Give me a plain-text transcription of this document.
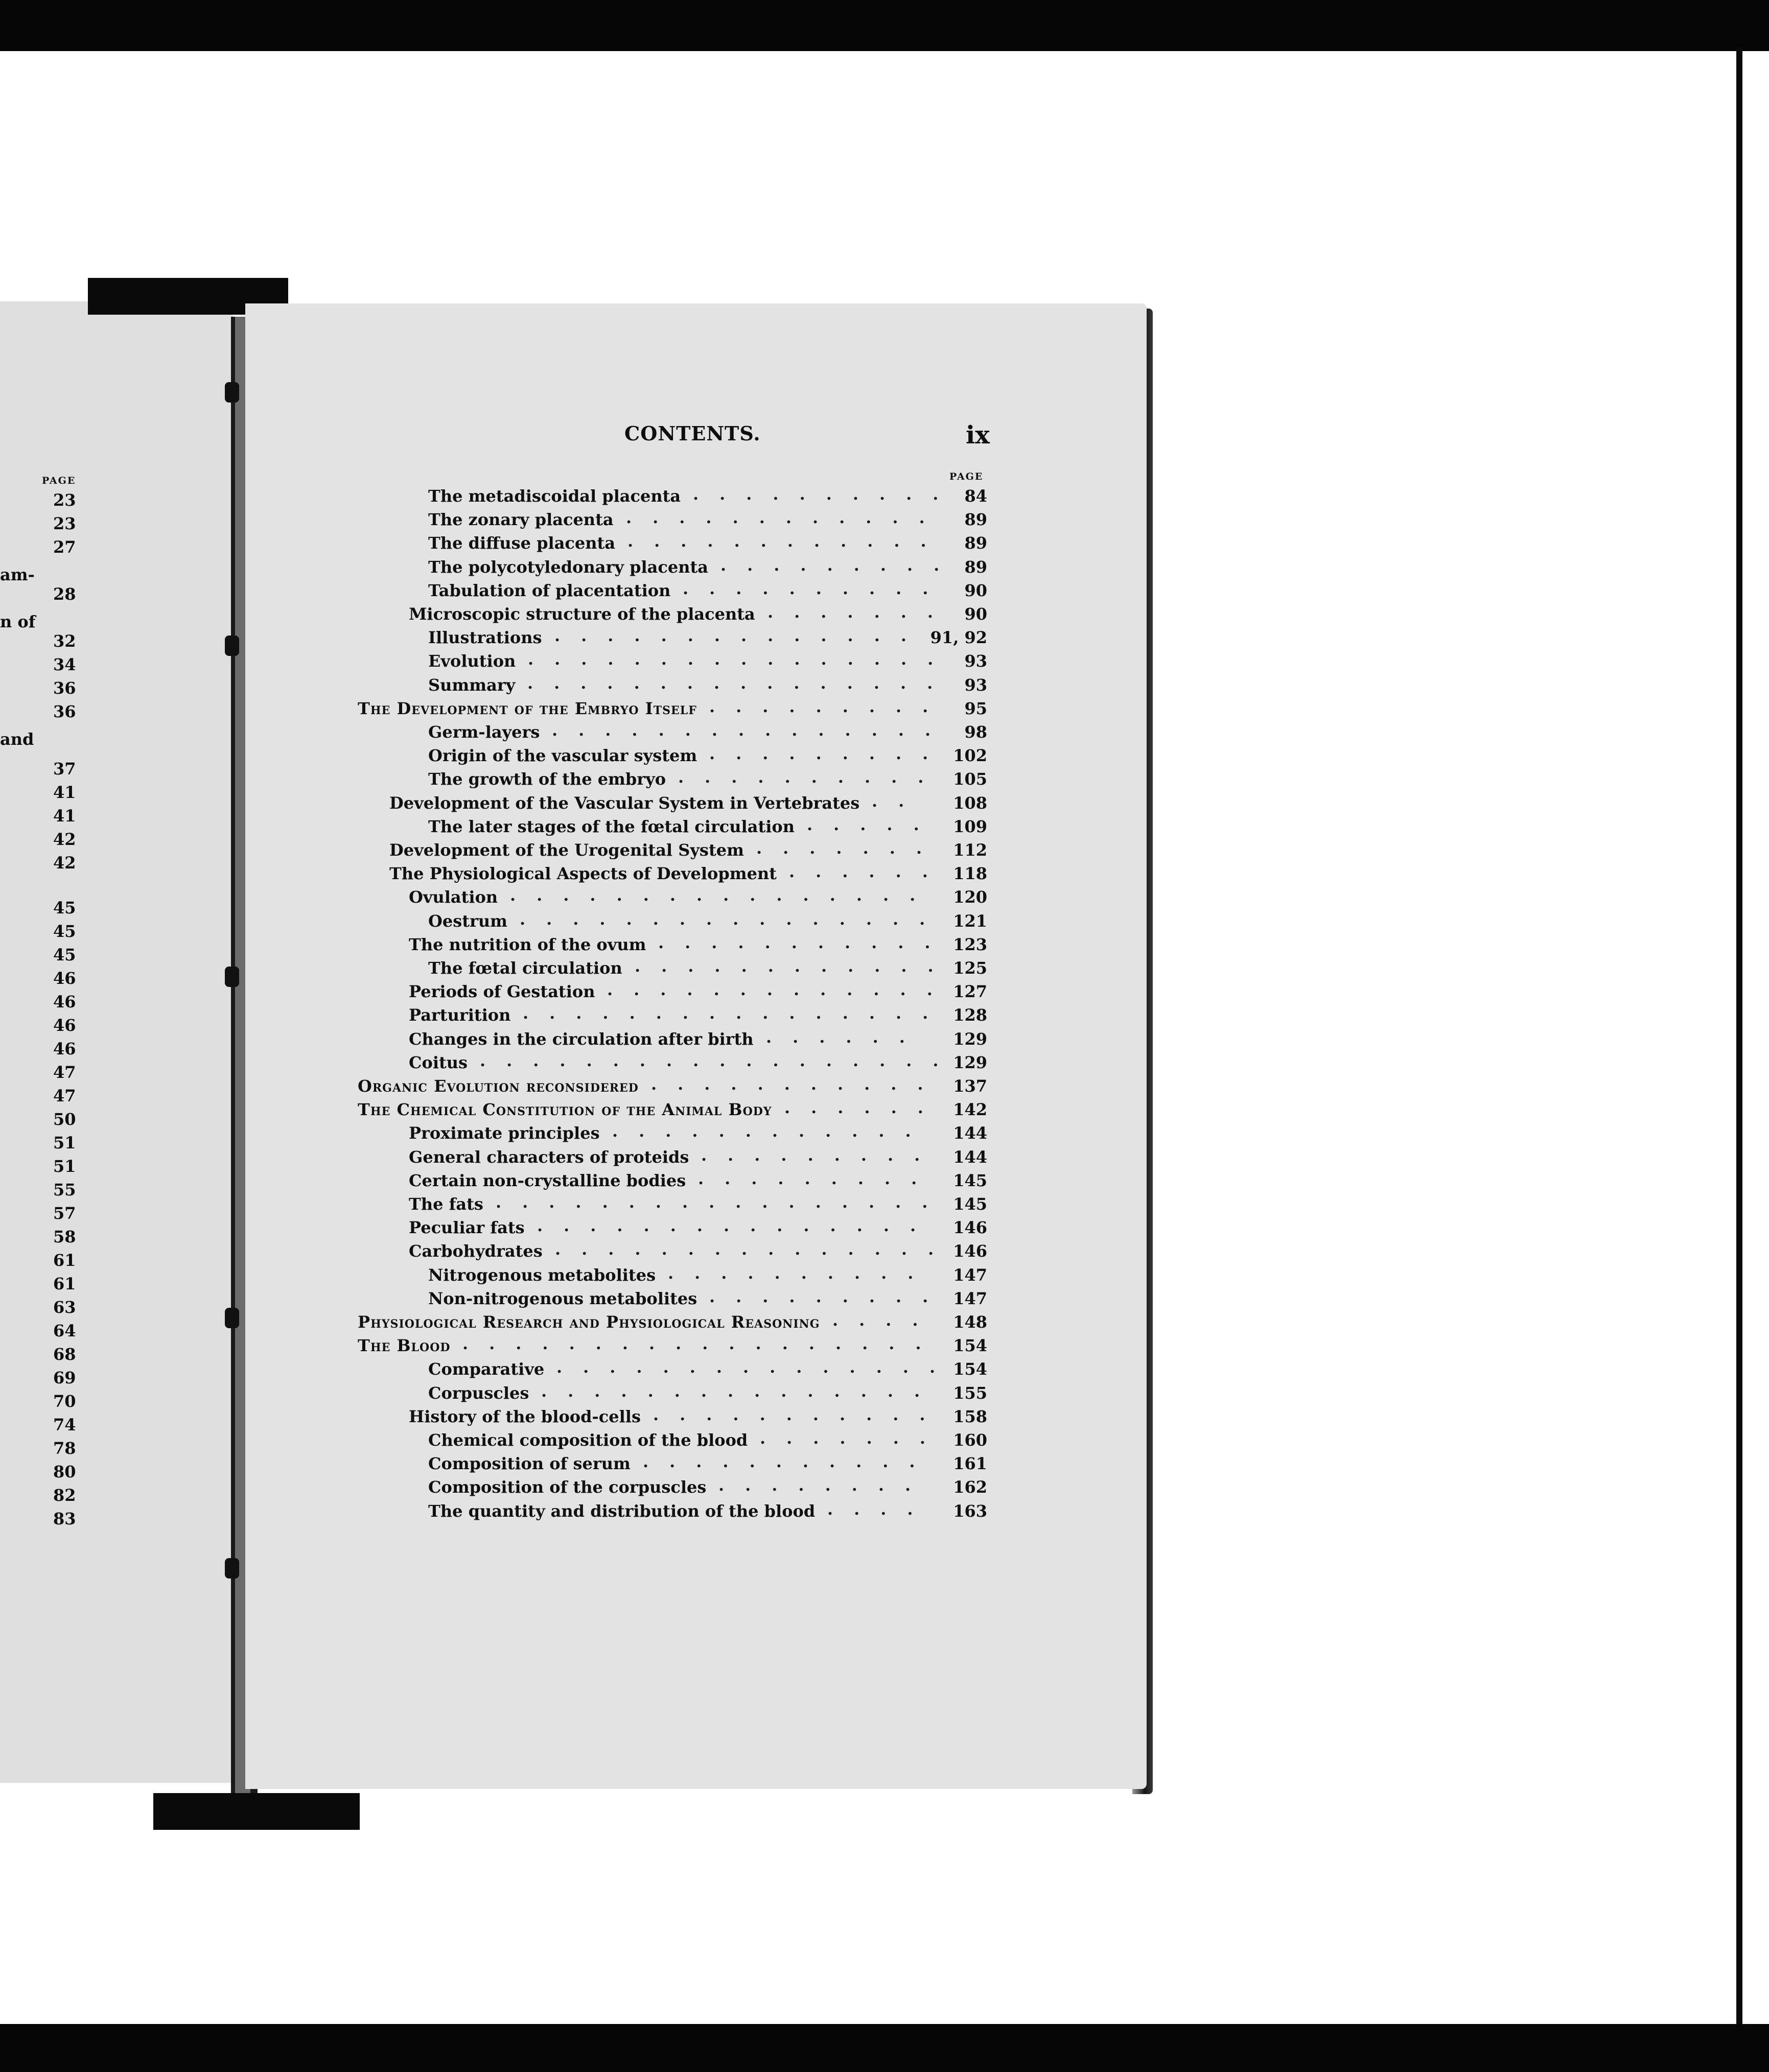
PAGE
am-
n of
and
23
23
27
28
32
34
36
36
37
41
41
42
42
45
45
45
46
46
46
46
47
47
50
51
51
55
57
58
61
61
63
64
68
69
70
74
78
80
82
83
CONTENTS.	ix
PAGE
The metadiscoidal placenta .......... 84
The zonary placenta ............ 89
The diffuse placenta ............ 89
The polycotyledonary placenta ......... 89
Tabulation of placentation .......... 90
Microscopic structure of the placenta ....... 90
Illustrations .............. 91, 92
Evolution ................ 93
Summary ................ 93
The Development of the Embryo Itself ......... 95
Germ-layers ............... 98
Origin of the vascular system ......... 102
The growth of the embryo .......... 105
Development of the Vascular System in Vertebrates .. 108
The later stages of the fœtal circulation ..... 109
Development of the Urogenital System ....... 112
The Physiological Aspects of Development ...... 118
Ovulation ................ 120
Oestrum ................ 121
The nutrition of the ovum ........... 123
The fœtal circulation ............
125
Periods of Gestation ............. 127
Parturition ................ 128
Changes in the circulation after birth ...... 129
Coitus ..................
129
Organic Evolution reconsidered ........... 137
The Chemical Constitution of the Animal Body ...... 142
Proximate principles ............ 144
General characters of proteids ......... 144
Certain non-crystalline bodies ......... 145
The fats ................. 145
Peculiar fats ............... 146
Carbohydrates ...............
146
Nitrogenous metabolites .......... 147
Non-nitrogenous metabolites ......... 147
Physiological Research and Physiological Reasoning .... 148
The Blood .................. 154
Comparative ...............
154
Corpuscles ............... 155
History of the blood-cells ........... 158
Chemical composition of the blood ....... 160
Composition of serum ........... 161
Composition of the corpuscles ........ 162
The quantity and distribution of the blood .... 163
